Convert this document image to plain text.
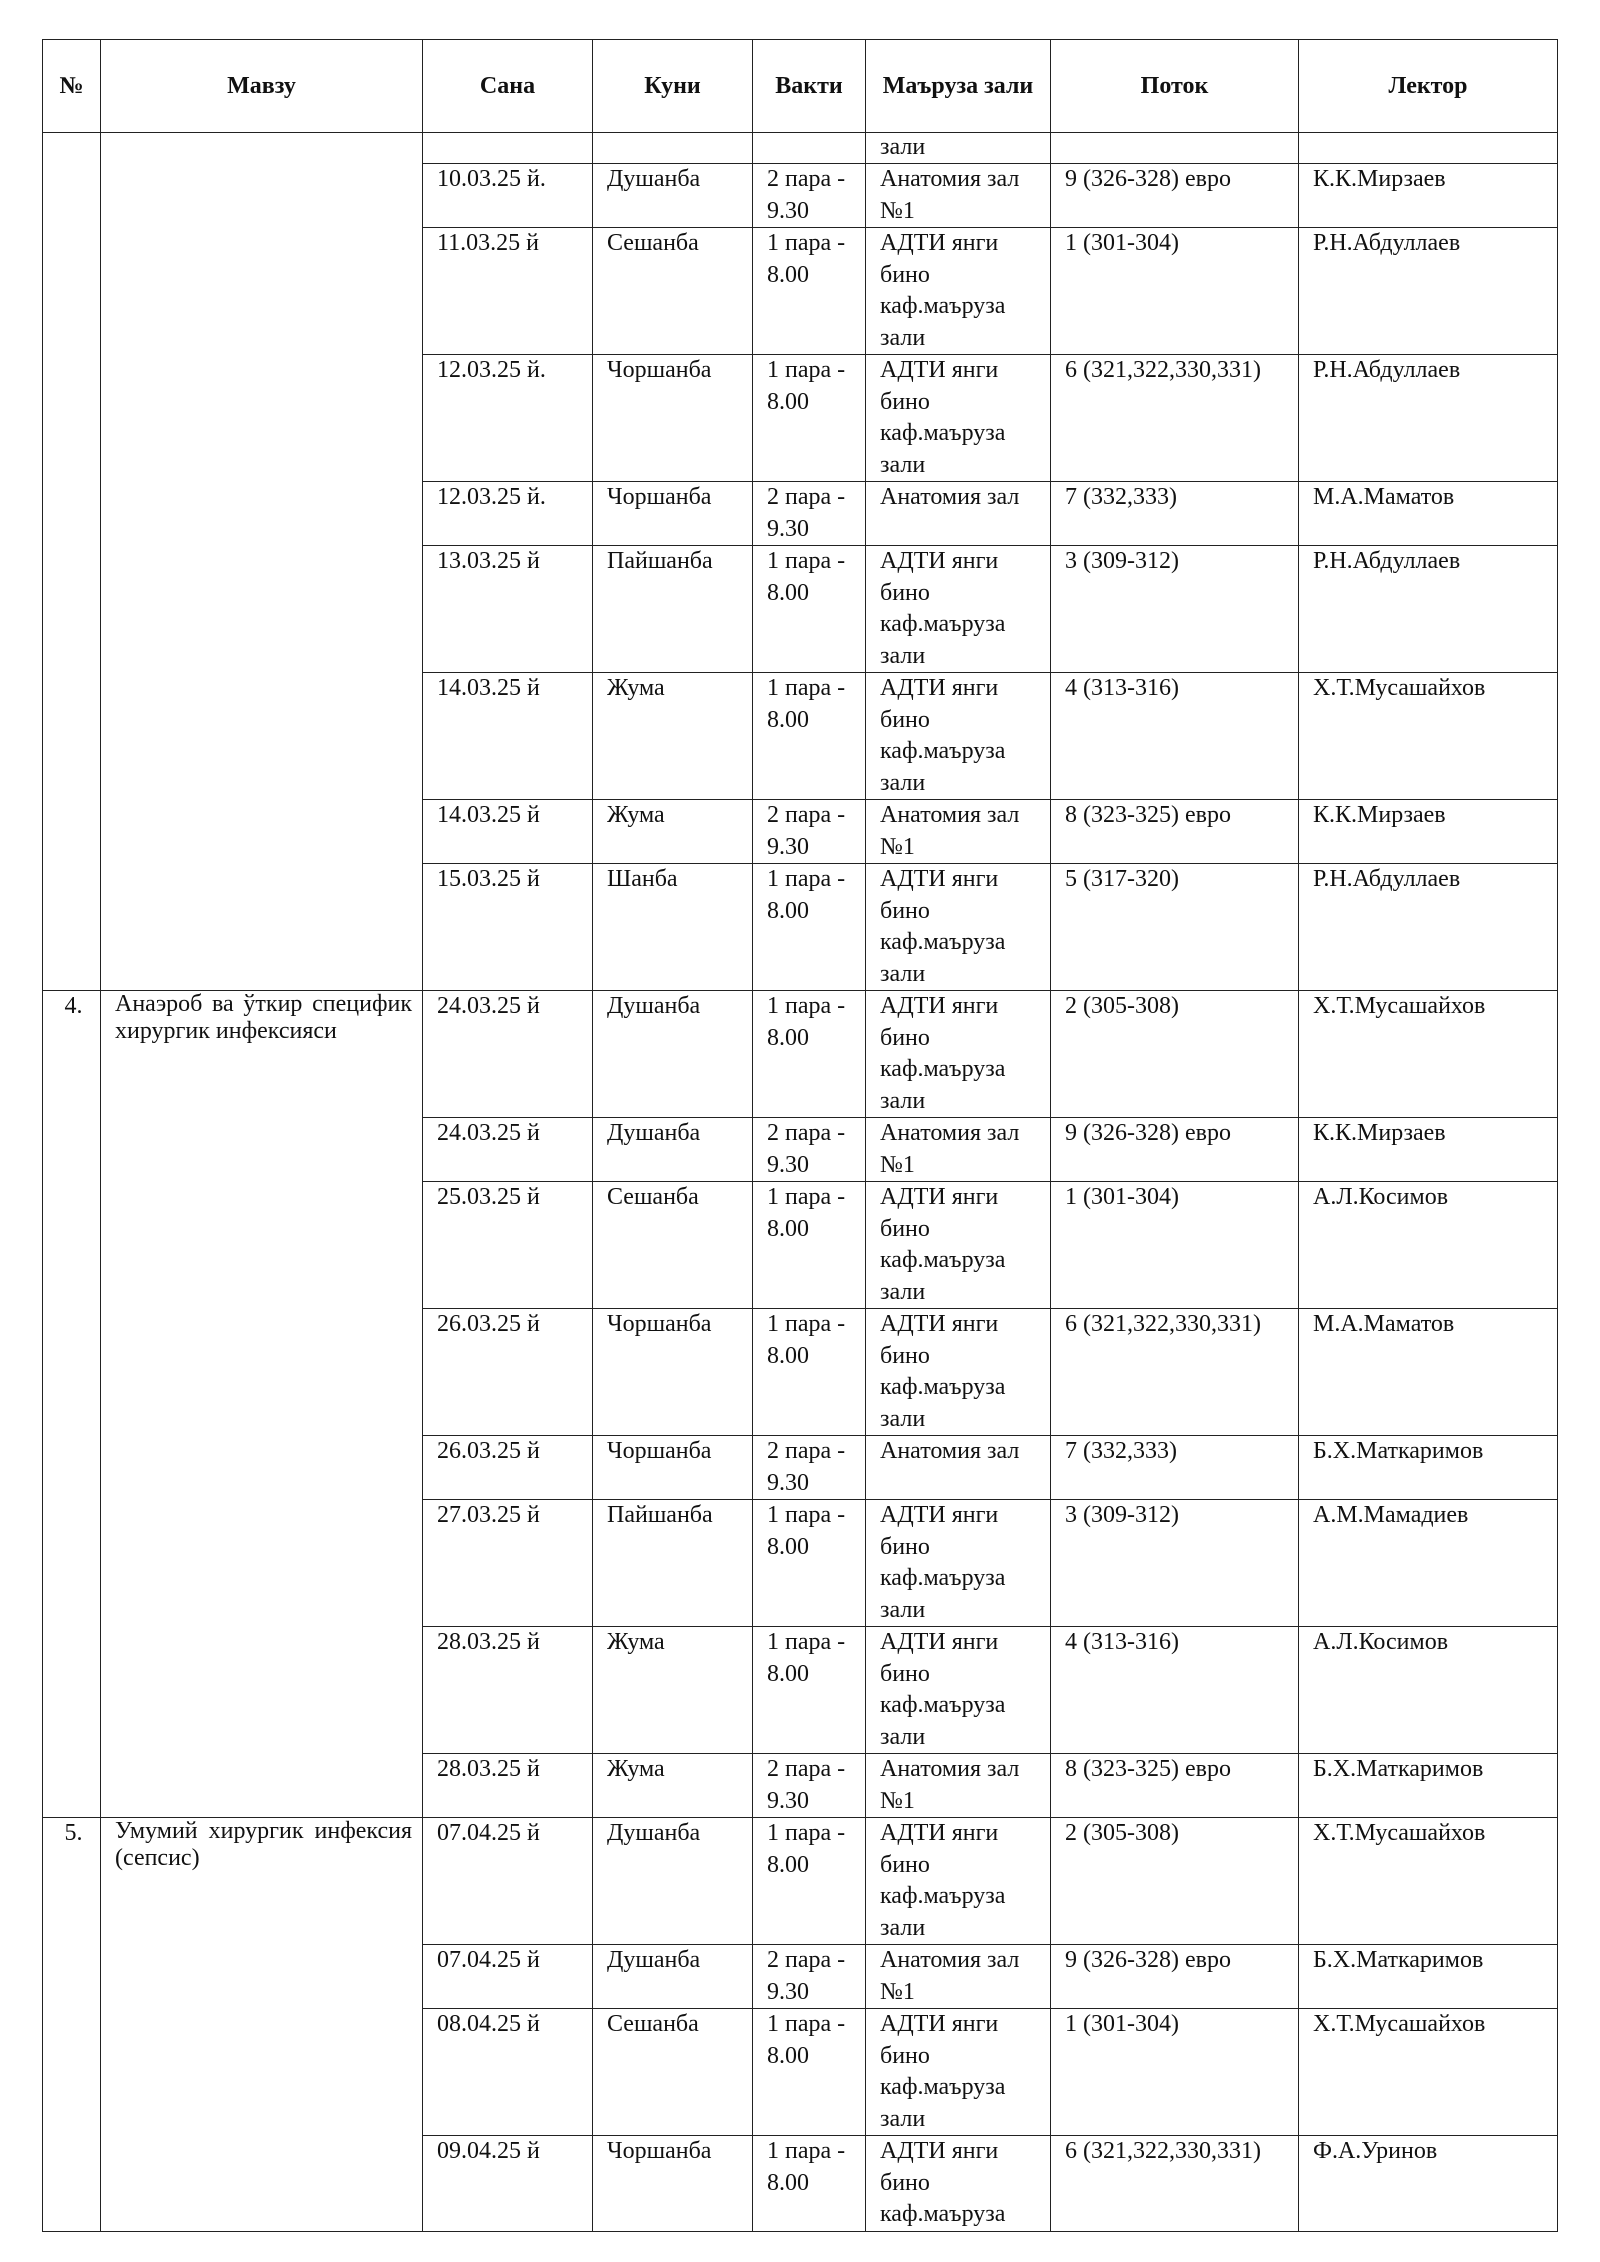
№	Мавзу	Сана	Куни	Вакти	Маъруза зали	Поток	Лектор
					зали		
		10.03.25 й.	Душанба	2 пара - 9.30	Анатомия зал №1	9 (326-328) евро	К.К.Мирзаев
		11.03.25 й	Сешанба	1 пара - 8.00	АДТИ янги бино каф.маъруза зали	1 (301-304)	Р.Н.Абдуллаев
		12.03.25 й.	Чоршанба	1 пара - 8.00	АДТИ янги бино каф.маъруза зали	6 (321,322,330,331)	Р.Н.Абдуллаев
		12.03.25 й.	Чоршанба	2 пара - 9.30	Анатомия зал	7 (332,333)	М.А.Маматов
		13.03.25 й	Пайшанба	1 пара - 8.00	АДТИ янги бино каф.маъруза зали	3 (309-312)	Р.Н.Абдуллаев
		14.03.25 й	Жума	1 пара - 8.00	АДТИ янги бино каф.маъруза зали	4 (313-316)	Х.Т.Мусашайхов
		14.03.25 й	Жума	2 пара - 9.30	Анатомия зал №1	8 (323-325) евро	К.К.Мирзаев
		15.03.25 й	Шанба	1 пара - 8.00	АДТИ янги бино каф.маъруза зали	5 (317-320)	Р.Н.Абдуллаев
4.	Анаэроб ва ўткир специфик хирургик инфексияси	24.03.25 й	Душанба	1 пара - 8.00	АДТИ янги бино каф.маъруза зали	2 (305-308)	Х.Т.Мусашайхов
		24.03.25 й	Душанба	2 пара - 9.30	Анатомия зал №1	9 (326-328) евро	К.К.Мирзаев
		25.03.25 й	Сешанба	1 пара - 8.00	АДТИ янги бино каф.маъруза зали	1 (301-304)	А.Л.Косимов
		26.03.25 й	Чоршанба	1 пара - 8.00	АДТИ янги бино каф.маъруза зали	6 (321,322,330,331)	М.А.Маматов
		26.03.25 й	Чоршанба	2 пара - 9.30	Анатомия зал	7 (332,333)	Б.Х.Маткаримов
		27.03.25 й	Пайшанба	1 пара - 8.00	АДТИ янги бино каф.маъруза зали	3 (309-312)	А.М.Мамадиев
		28.03.25 й	Жума	1 пара - 8.00	АДТИ янги бино каф.маъруза зали	4 (313-316)	А.Л.Косимов
		28.03.25 й	Жума	2 пара - 9.30	Анатомия зал №1	8 (323-325) евро	Б.Х.Маткаримов
5.	Умумий хирургик инфексия (сепсис)	07.04.25 й	Душанба	1 пара - 8.00	АДТИ янги бино каф.маъруза зали	2 (305-308)	Х.Т.Мусашайхов
		07.04.25 й	Душанба	2 пара - 9.30	Анатомия зал №1	9 (326-328) евро	Б.Х.Маткаримов
		08.04.25 й	Сешанба	1 пара - 8.00	АДТИ янги бино каф.маъруза зали	1 (301-304)	Х.Т.Мусашайхов
		09.04.25 й	Чоршанба	1 пара - 8.00	АДТИ янги бино каф.маъруза	6 (321,322,330,331)	Ф.А.Уринов
